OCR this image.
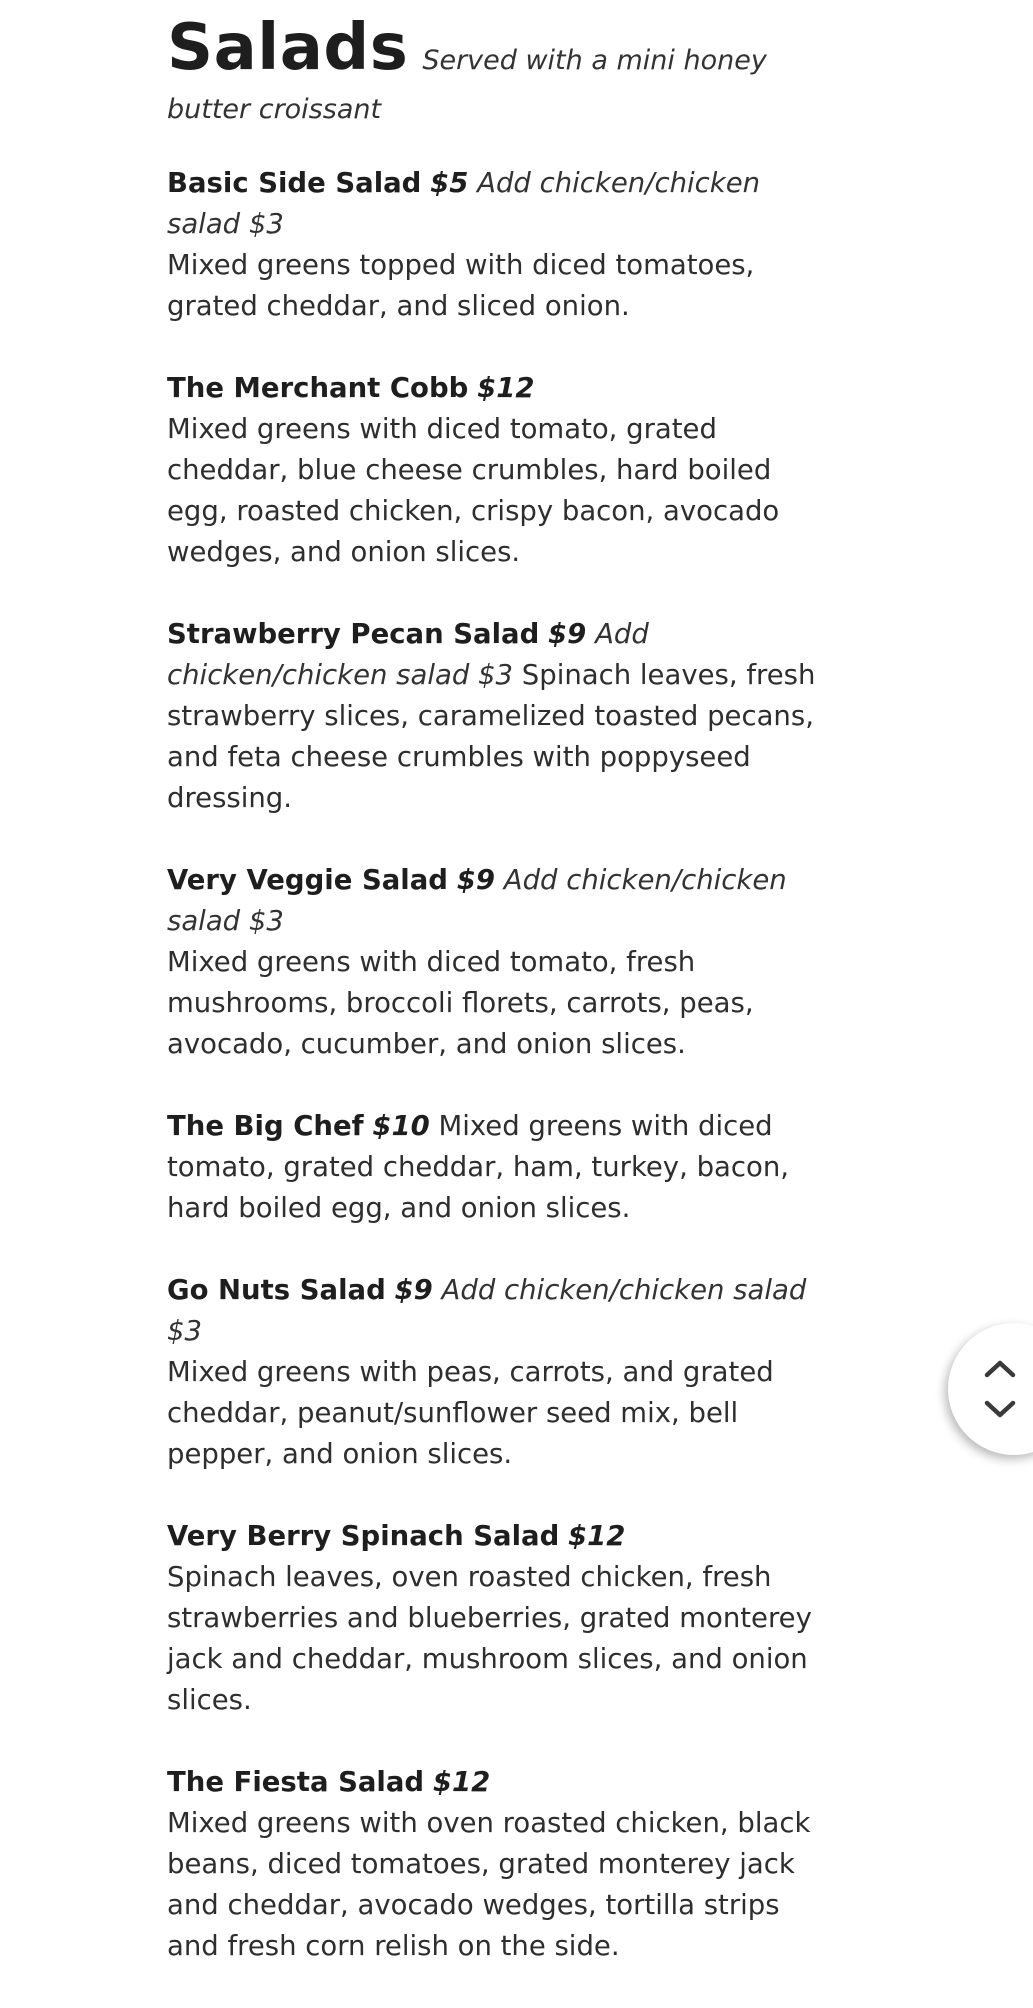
Salads Served with a mini honey butter croissant
Basic Side Salad $5 Add chicken/chicken salad $3
Mixed greens topped with diced tomatoes, grated cheddar, and sliced onion.
The Merchant Cobb $12
Mixed greens with diced tomato, grated cheddar, blue cheese crumbles, hard boiled egg, roasted chicken, crispy bacon, avocado wedges, and onion slices.
Strawberry Pecan Salad $9 Add chicken/chicken salad $3 Spinach leaves, fresh strawberry slices, caramelized toasted pecans, and feta cheese crumbles with poppyseed dressing.
Very Veggie Salad $9 Add chicken/chicken salad $3
Mixed greens with diced tomato, fresh mushrooms, broccoli florets, carrots, peas, avocado, cucumber, and onion slices.
The Big Chef $10 Mixed greens with diced tomato, grated cheddar, ham, turkey, bacon, hard boiled egg, and onion slices.
Go Nuts Salad $9 Add chicken/chicken salad $3
Mixed greens with peas, carrots, and grated cheddar, peanut/sunflower seed mix, bell pepper, and onion slices.
Very Berry Spinach Salad $12
Spinach leaves, oven roasted chicken, fresh strawberries and blueberries, grated monterey jack and cheddar, mushroom slices, and onion slices.
The Fiesta Salad $12
Mixed greens with oven roasted chicken, black beans, diced tomatoes, grated monterey jack and cheddar, avocado wedges, tortilla strips and fresh corn relish on the side.
